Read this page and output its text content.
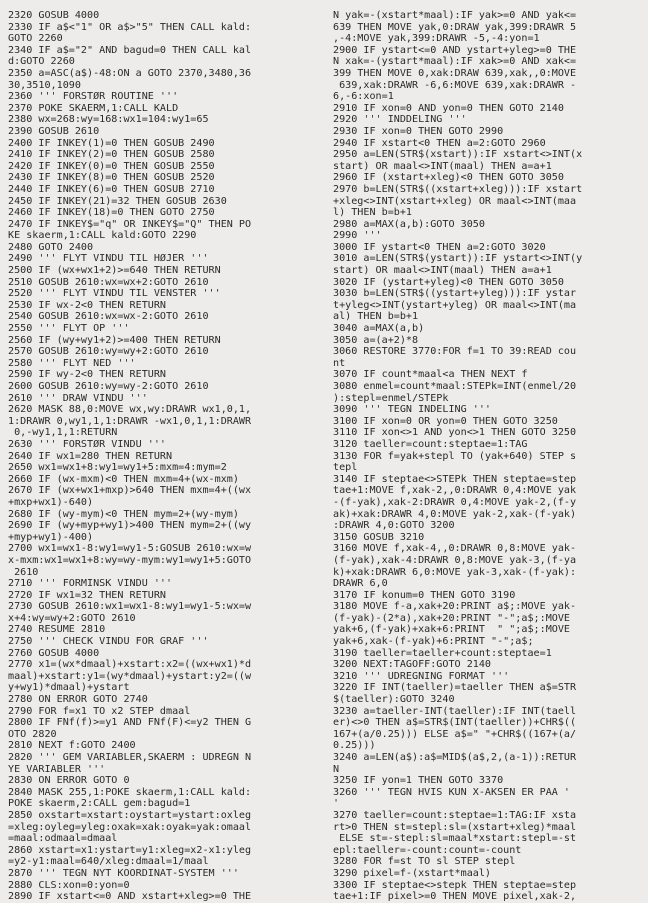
2320 GOSUB 4000
2330 IF a$<"1" OR a$>"5" THEN CALL kald:
GOTO 2260
2340 IF a$="2" AND bagud=0 THEN CALL kal
d:GOTO 2260
2350 a=ASC(a$)-48:ON a GOTO 2370,3480,36
30,3510,1090
2360 ''' FORSTØR ROUTINE '''
2370 POKE SKAERM,1:CALL KALD
2380 wx=268:wy=168:wx1=104:wy1=65
2390 GOSUB 2610
2400 IF INKEY(1)=0 THEN GOSUB 2490
2410 IF INKEY(2)=0 THEN GOSUB 2580
2420 IF INKEY(0)=0 THEN GOSUB 2550
2430 IF INKEY(8)=0 THEN GOSUB 2520
2440 IF INKEY(6)=0 THEN GOSUB 2710
2450 IF INKEY(21)=32 THEN GOSUB 2630
2460 IF INKEY(18)=0 THEN GOTO 2750
2470 IF INKEY$="q" OR INKEY$="Q" THEN PO
KE skaerm,1:CALL kald:GOTO 2290
2480 GOTO 2400
2490 ''' FLYT VINDU TIL HØJER '''
2500 IF (wx+wx1+2)>=640 THEN RETURN
2510 GOSUB 2610:wx=wx+2:GOTO 2610
2520 ''' FLYT VINDU TIL VENSTER '''
2530 IF wx-2<0 THEN RETURN
2540 GOSUB 2610:wx=wx-2:GOTO 2610
2550 ''' FLYT OP '''
2560 IF (wy+wy1+2)>=400 THEN RETURN
2570 GOSUB 2610:wy=wy+2:GOTO 2610
2580 ''' FLYT NED '''
2590 IF wy-2<0 THEN RETURN
2600 GOSUB 2610:wy=wy-2:GOTO 2610
2610 ''' DRAW VINDU '''
2620 MASK 88,0:MOVE wx,wy:DRAWR wx1,0,1,
1:DRAWR 0,wy1,1,1:DRAWR -wx1,0,1,1:DRAWR
0,-wy1,1,1:RETURN
2630 ''' FORSTØR VINDU '''
2640 IF wx1=280 THEN RETURN
2650 wx1=wx1+8:wy1=wy1+5:mxm=4:mym=2
2660 IF (wx-mxm)<0 THEN mxm=4+(wx-mxm)
2670 IF (wx+wx1+mxp)>640 THEN mxm=4+((wx
+mxp+wx1)-640)
2680 IF (wy-mym)<0 THEN mym=2+(wy-mym)
2690 IF (wy+myp+wy1)>400 THEN mym=2+((wy
+myp+wy1)-400)
2700 wx1=wx1-8:wy1=wy1-5:GOSUB 2610:wx=w
x-mxm:wx1=wx1+8:wy=wy-mym:wy1=wy1+5:GOTO
2610
2710 ''' FORMINSK VINDU '''
2720 IF wx1=32 THEN RETURN
2730 GOSUB 2610:wx1=wx1-8:wy1=wy1-5:wx=w
x+4:wy=wy+2:GOTO 2610
2740 RESUME 2810
2750 ''' CHECK VINDU FOR GRAF '''
2760 GOSUB 4000
2770 x1=(wx*dmaal)+xstart:x2=((wx+wx1)*d
maal)+xstart:y1=(wy*dmaal)+ystart:y2=((w
y+wy1)*dmaal)+ystart
2780 ON ERROR GOTO 2740
2790 FOR f=x1 TO x2 STEP dmaal
2800 IF FNf(f)>=y1 AND FNf(F)<=y2 THEN G
OTO 2820
2810 NEXT f:GOTO 2400
2820 ''' GEM VARIABLER,SKAERM : UDREGN N
YE VARIABLER '''
2830 ON ERROR GOTO 0
2840 MASK 255,1:POKE skaerm,1:CALL kald:
POKE skaerm,2:CALL gem:bagud=1
2850 oxstart=xstart:oystart=ystart:oxleg
=xleg:oyleg=yleg:oxak=xak:oyak=yak:omaal
=maal:odmaal=dmaal
2860 xstart=x1:ystart=y1:xleg=x2-x1:yleg
=y2-y1:maal=640/xleg:dmaal=1/maal
2870 ''' TEGN NYT KOORDINAT-SYSTEM '''
2880 CLS:xon=0:yon=0
2890 IF xstart<=0 AND xstart+xleg>=0 THE
N yak=-(xstart*maal):IF yak>=0 AND yak<=
639 THEN MOVE yak,0:DRAW yak,399:DRAWR 5
,-4:MOVE yak,399:DRAWR -5,-4:yon=1
2900 IF ystart<=0 AND ystart+yleg>=0 THE
N xak=-(ystart*maal):IF xak>=0 AND xak<=
399 THEN MOVE 0,xak:DRAW 639,xak,,0:MOVE
639,xak:DRAWR -6,6:MOVE 639,xak:DRAWR -
6,-6:xon=1
2910 IF xon=0 AND yon=0 THEN GOTO 2140
2920 ''' INDDELING '''
2930 IF xon=0 THEN GOTO 2990
2940 IF xstart<0 THEN a=2:GOTO 2960
2950 a=LEN(STR$(xstart)):IF xstart<>INT(x
start) OR maal<>INT(maal) THEN a=a+1
2960 IF (xstart+xleg)<0 THEN GOTO 3050
2970 b=LEN(STR$((xstart+xleg))):IF xstart
+xleg<>INT(xstart+xleg) OR maal<>INT(maa
l) THEN b=b+1
2980 a=MAX(a,b):GOTO 3050
2990 '''
3000 IF ystart<0 THEN a=2:GOTO 3020
3010 a=LEN(STR$(ystart)):IF ystart<>INT(y
start) OR maal<>INT(maal) THEN a=a+1
3020 IF (ystart+yleg)<0 THEN GOTO 3050
3030 b=LEN(STR$((ystart+yleg))):IF ystar
t+yleg<>INT(ystart+yleg) OR maal<>INT(ma
al) THEN b=b+1
3040 a=MAX(a,b)
3050 a=(a+2)*8
3060 RESTORE 3770:FOR f=1 TO 39:READ cou
nt
3070 IF count*maal<a THEN NEXT f
3080 enmel=count*maal:STEPk=INT(enmel/20
):stepl=enmel/STEPk
3090 ''' TEGN INDELING '''
3100 IF xon=0 OR yon=0 THEN GOTO 3250
3110 IF xon<>1 AND yon<>1 THEN GOTO 3250
3120 taeller=count:steptae=1:TAG
3130 FOR f=yak+stepl TO (yak+640) STEP s
tepl
3140 IF steptae<>STEPk THEN steptae=step
tae+1:MOVE f,xak-2,,0:DRAWR 0,4:MOVE yak
-(f-yak),xak-2:DRAWR 0,4:MOVE yak-2,(f-y
ak)+xak:DRAWR 4,0:MOVE yak-2,xak-(f-yak)
:DRAWR 4,0:GOTO 3200
3150 GOSUB 3210
3160 MOVE f,xak-4,,0:DRAWR 0,8:MOVE yak-
(f-yak),xak-4:DRAWR 0,8:MOVE yak-3,(f-ya
k)+xak:DRAWR 6,0:MOVE yak-3,xak-(f-yak):
DRAWR 6,0
3170 IF konum=0 THEN GOTO 3190
3180 MOVE f-a,xak+20:PRINT a$;:MOVE yak-
(f-yak)-(2*a),xak+20:PRINT "-";a$;:MOVE
yak+6,(f-yak)+xak+6:PRINT  " ";a$;:MOVE
yak+6,xak-(f-yak)+6:PRINT "-";a$;
3190 taeller=taeller+count:steptae=1
3200 NEXT:TAGOFF:GOTO 2140
3210 ''' UDREGNING FORMAT '''
3220 IF INT(taeller)=taeller THEN a$=STR
$(taeller):GOTO 3240
3230 a=taeller-INT(taeller):IF INT(taell
er)<>0 THEN a$=STR$(INT(taeller))+CHR$((
167+(a/0.25))) ELSE a$=" "+CHR$((167+(a/
0.25)))
3240 a=LEN(a$):a$=MID$(a$,2,(a-1)):RETUR
N
3250 IF yon=1 THEN GOTO 3370
3260 ''' TEGN HVIS KUN X-AKSEN ER PAA '
'
3270 taeller=count:steptae=1:TAG:IF xsta
rt>0 THEN st=stepl:sl=(xstart+xleg)*maal
ELSE st=-stepl:sl=maal*xstart:stepl=-st
epl:taeller=-count:count=-count
3280 FOR f=st TO sl STEP stepl
3290 pixel=f-(xstart*maal)
3300 IF steptae<>stepk THEN steptae=step
tae+1:IF pixel>=0 THEN MOVE pixel,xak-2,
